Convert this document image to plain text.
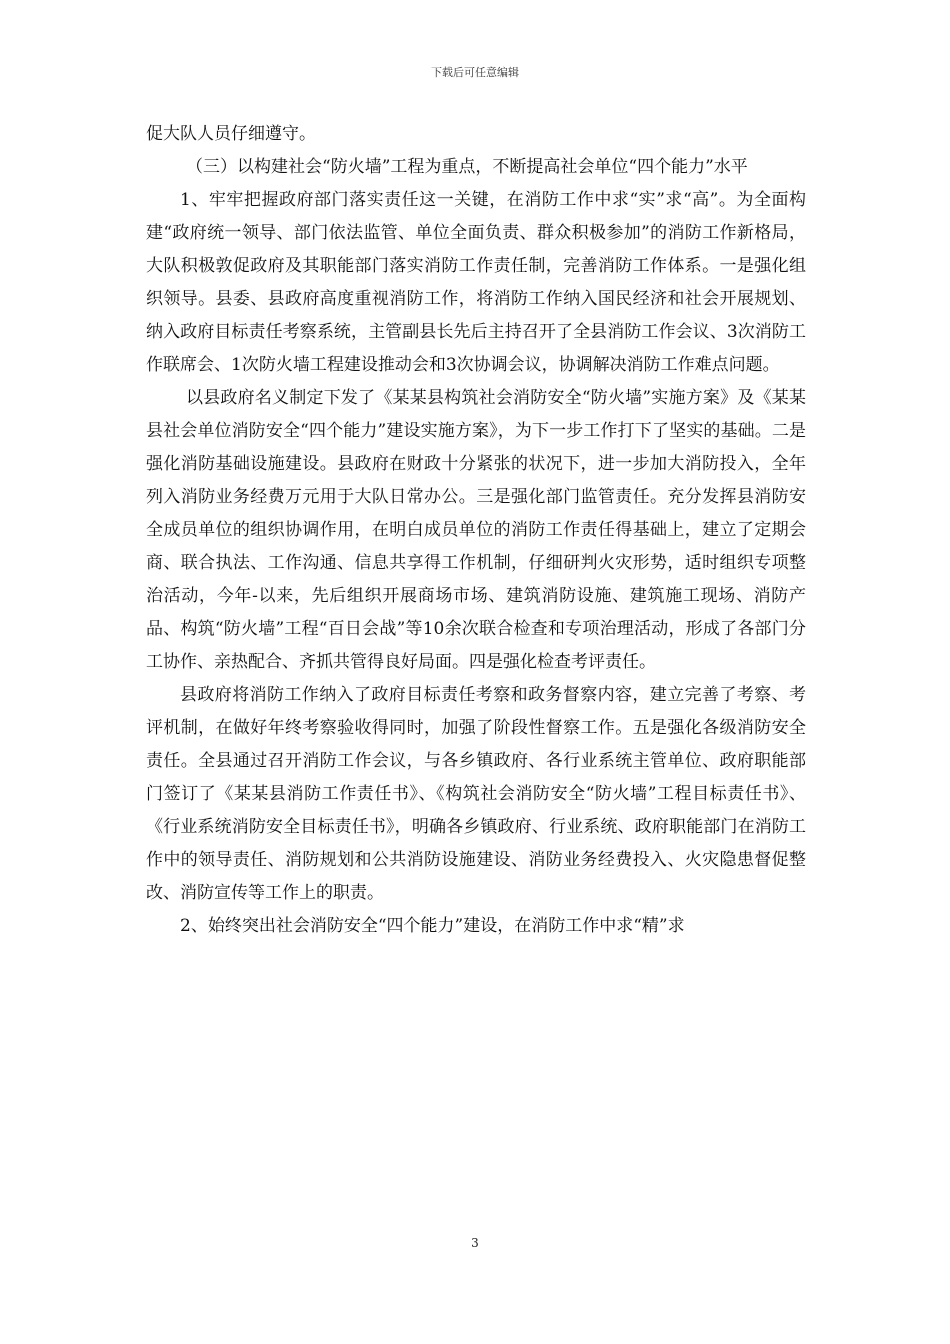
下载后可任意编辑

促大队人员仔细遵守。

（三）以构建社会“防火墙”工程为重点，不断提高社会单位“四个能力”水平

1、牢牢把握政府部门落实责任这一关键，在消防工作中求“实”求“高”。为全面构建“政府统一领导、部门依法监管、单位全面负责、群众积极参加”的消防工作新格局，大队积极敦促政府及其职能部门落实消防工作责任制，完善消防工作体系。一是强化组织领导。县委、县政府高度重视消防工作，将消防工作纳入国民经济和社会开展规划、纳入政府目标责任考察系统，主管副县长先后主持召开了全县消防工作会议、3次消防工作联席会、1次防火墙工程建设推动会和3次协调会议，协调解决消防工作难点问题。

以县政府名义制定下发了《某某县构筑社会消防安全“防火墙”实施方案》及《某某县社会单位消防安全“四个能力”建设实施方案》，为下一步工作打下了坚实的基础。二是强化消防基础设施建设。县政府在财政十分紧张的状况下，进一步加大消防投入，全年列入消防业务经费万元用于大队日常办公。三是强化部门监管责任。充分发挥县消防安全成员单位的组织协调作用，在明白成员单位的消防工作责任得基础上，建立了定期会商、联合执法、工作沟通、信息共享得工作机制，仔细研判火灾形势，适时组织专项整治活动，今年-以来，先后组织开展商场市场、建筑消防设施、建筑施工现场、消防产品、构筑“防火墙”工程“百日会战”等10余次联合检查和专项治理活动，形成了各部门分工协作、亲热配合、齐抓共管得良好局面。四是强化检查考评责任。

县政府将消防工作纳入了政府目标责任考察和政务督察内容，建立完善了考察、考评机制，在做好年终考察验收得同时，加强了阶段性督察工作。五是强化各级消防安全责任。全县通过召开消防工作会议，与各乡镇政府、各行业系统主管单位、政府职能部门签订了《某某县消防工作责任书》、《构筑社会消防安全“防火墙”工程目标责任书》、《行业系统消防安全目标责任书》，明确各乡镇政府、行业系统、政府职能部门在消防工作中的领导责任、消防规划和公共消防设施建设、消防业务经费投入、火灾隐患督促整改、消防宣传等工作上的职责。

2、始终突出社会消防安全“四个能力”建设，在消防工作中求“精”求

3
